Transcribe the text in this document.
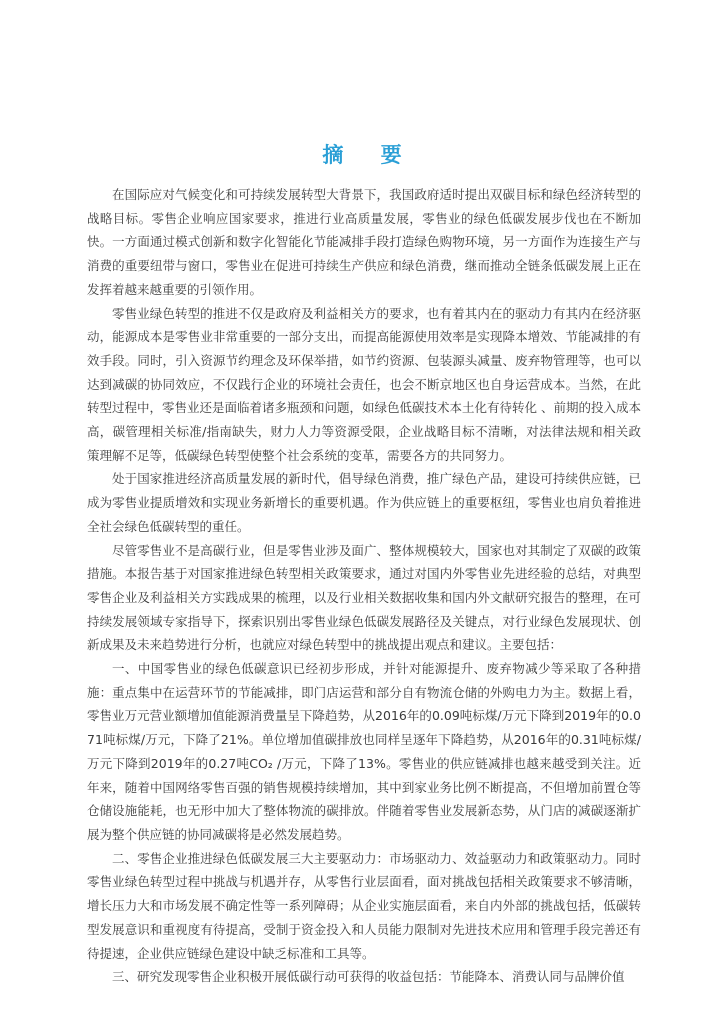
摘 要

在国际应对气候变化和可持续发展转型大背景下，我国政府适时提出双碳目标和绿色经济转型的战略目标。零售企业响应国家要求，推进行业高质量发展，零售业的绿色低碳发展步伐也在不断加快。一方面通过模式创新和数字化智能化节能减排手段打造绿色购物环境，另一方面作为连接生产与消费的重要纽带与窗口，零售业在促进可持续生产供应和绿色消费，继而推动全链条低碳发展上正在发挥着越来越重要的引领作用。

零售业绿色转型的推进不仅是政府及利益相关方的要求，也有着其内在的驱动力有其内在经济驱动，能源成本是零售业非常重要的一部分支出，而提高能源使用效率是实现降本增效、节能减排的有效手段。同时，引入资源节约理念及环保举措，如节约资源、包装源头减量、废弃物管理等，也可以达到减碳的协同效应，不仅践行企业的环境社会责任，也会不断京地区也自身运营成本。当然，在此转型过程中，零售业还是面临着诸多瓶颈和问题，如绿色低碳技术本土化有待转化 、前期的投入成本高，碳管理相关标准/指南缺失，财力人力等资源受限，企业战略目标不清晰，对法律法规和相关政策理解不足等，低碳绿色转型使整个社会系统的变革，需要各方的共同努力。

处于国家推进经济高质量发展的新时代，倡导绿色消费，推广绿色产品，建设可持续供应链，已成为零售业提质增效和实现业务新增长的重要机遇。作为供应链上的重要枢纽，零售业也肩负着推进全社会绿色低碳转型的重任。

尽管零售业不是高碳行业，但是零售业涉及面广、整体规模较大，国家也对其制定了双碳的政策措施。本报告基于对国家推进绿色转型相关政策要求，通过对国内外零售业先进经验的总结，对典型零售企业及利益相关方实践成果的梳理，以及行业相关数据收集和国内外文献研究报告的整理，在可持续发展领域专家指导下，探索识别出零售业绿色低碳发展路径及关键点，对行业绿色发展现状、创新成果及未来趋势进行分析，也就应对绿色转型中的挑战提出观点和建议。主要包括：

一、中国零售业的绿色低碳意识已经初步形成，并针对能源提升、废弃物减少等采取了各种措施：重点集中在运营环节的节能减排，即门店运营和部分自有物流仓储的外购电力为主。数据上看，零售业万元营业额增加值能源消费量呈下降趋势，从2016年的0.09吨标煤/万元下降到2019年的0.071吨标煤/万元，下降了21%。单位增加值碳排放也同样呈逐年下降趋势，从2016年的0.31吨标煤/万元下降到2019年的0.27吨CO₂ /万元，下降了13%。零售业的供应链减排也越来越受到关注。近年来，随着中国网络零售百强的销售规模持续增加，其中到家业务比例不断提高，不但增加前置仓等仓储设施能耗，也无形中加大了整体物流的碳排放。伴随着零售业发展新态势，从门店的减碳逐渐扩展为整个供应链的协同减碳将是必然发展趋势。

二、零售企业推进绿色低碳发展三大主要驱动力：市场驱动力、效益驱动力和政策驱动力。同时零售业绿色转型过程中挑战与机遇并存，从零售行业层面看，面对挑战包括相关政策要求不够清晰，增长压力大和市场发展不确定性等一系列障碍；从企业实施层面看，来自内外部的挑战包括，低碳转型发展意识和重视度有待提高，受制于资金投入和人员能力限制对先进技术应用和管理手段完善还有待提速，企业供应链绿色建设中缺乏标准和工具等。

三、研究发现零售企业积极开展低碳行动可获得的收益包括：节能降本、消费认同与品牌价值
